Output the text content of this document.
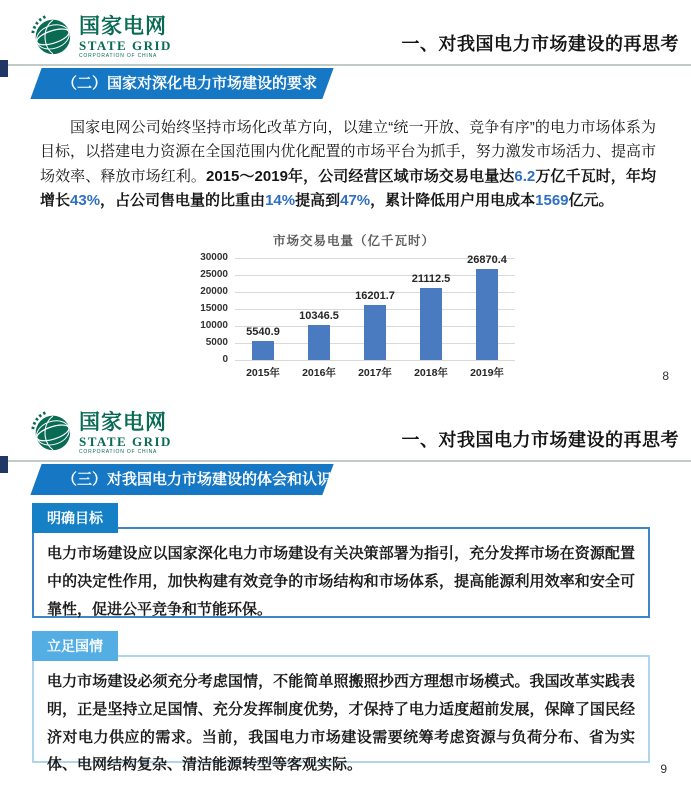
国家电网
STATE GRID
CORPORATION OF CHINA
一、对我国电力市场建设的再思考
（二）国家对深化电力市场建设的要求

国家电网公司始终坚持市场化改革方向，以建立“统一开放、竞争有序”的电力市场体系为目标，以搭建电力资源在全国范围内优化配置的市场平台为抓手，努力激发市场活力、提高市场效率、释放市场红利。2015～2019年，公司经营区域市场交易电量达6.2万亿千瓦时，年均增长43%，占公司售电量的比重由14%提高到47%，累计降低用户用电成本1569亿元。

市场交易电量（亿千瓦时）
30000
25000
20000
15000
10000
5000
0
5540.9
10346.5
16201.7
21112.5
26870.4
2015年	2016年	2017年	2018年	2019年	8
国家电网
STATE GRID
CORPORATION OF CHINA
一、对我国电力市场建设的再思考
（三）对我国电力市场建设的体会和认识
明确目标

电力市场建设应以国家深化电力市场建设有关决策部署为指引，充分发挥市场在资源配置中的决定性作用，加快构建有效竞争的市场结构和市场体系，提高能源利用效率和安全可靠性，促进公平竞争和节能环保。

立足国情

电力市场建设必须充分考虑国情，不能简单照搬照抄西方理想市场模式。我国改革实践表明，正是坚持立足国情、充分发挥制度优势，才保持了电力适度超前发展，保障了国民经济对电力供应的需求。当前，我国电力市场建设需要统筹考虑资源与负荷分布、省为实体、电网结构复杂、清洁能源转型等客观实际。	9
